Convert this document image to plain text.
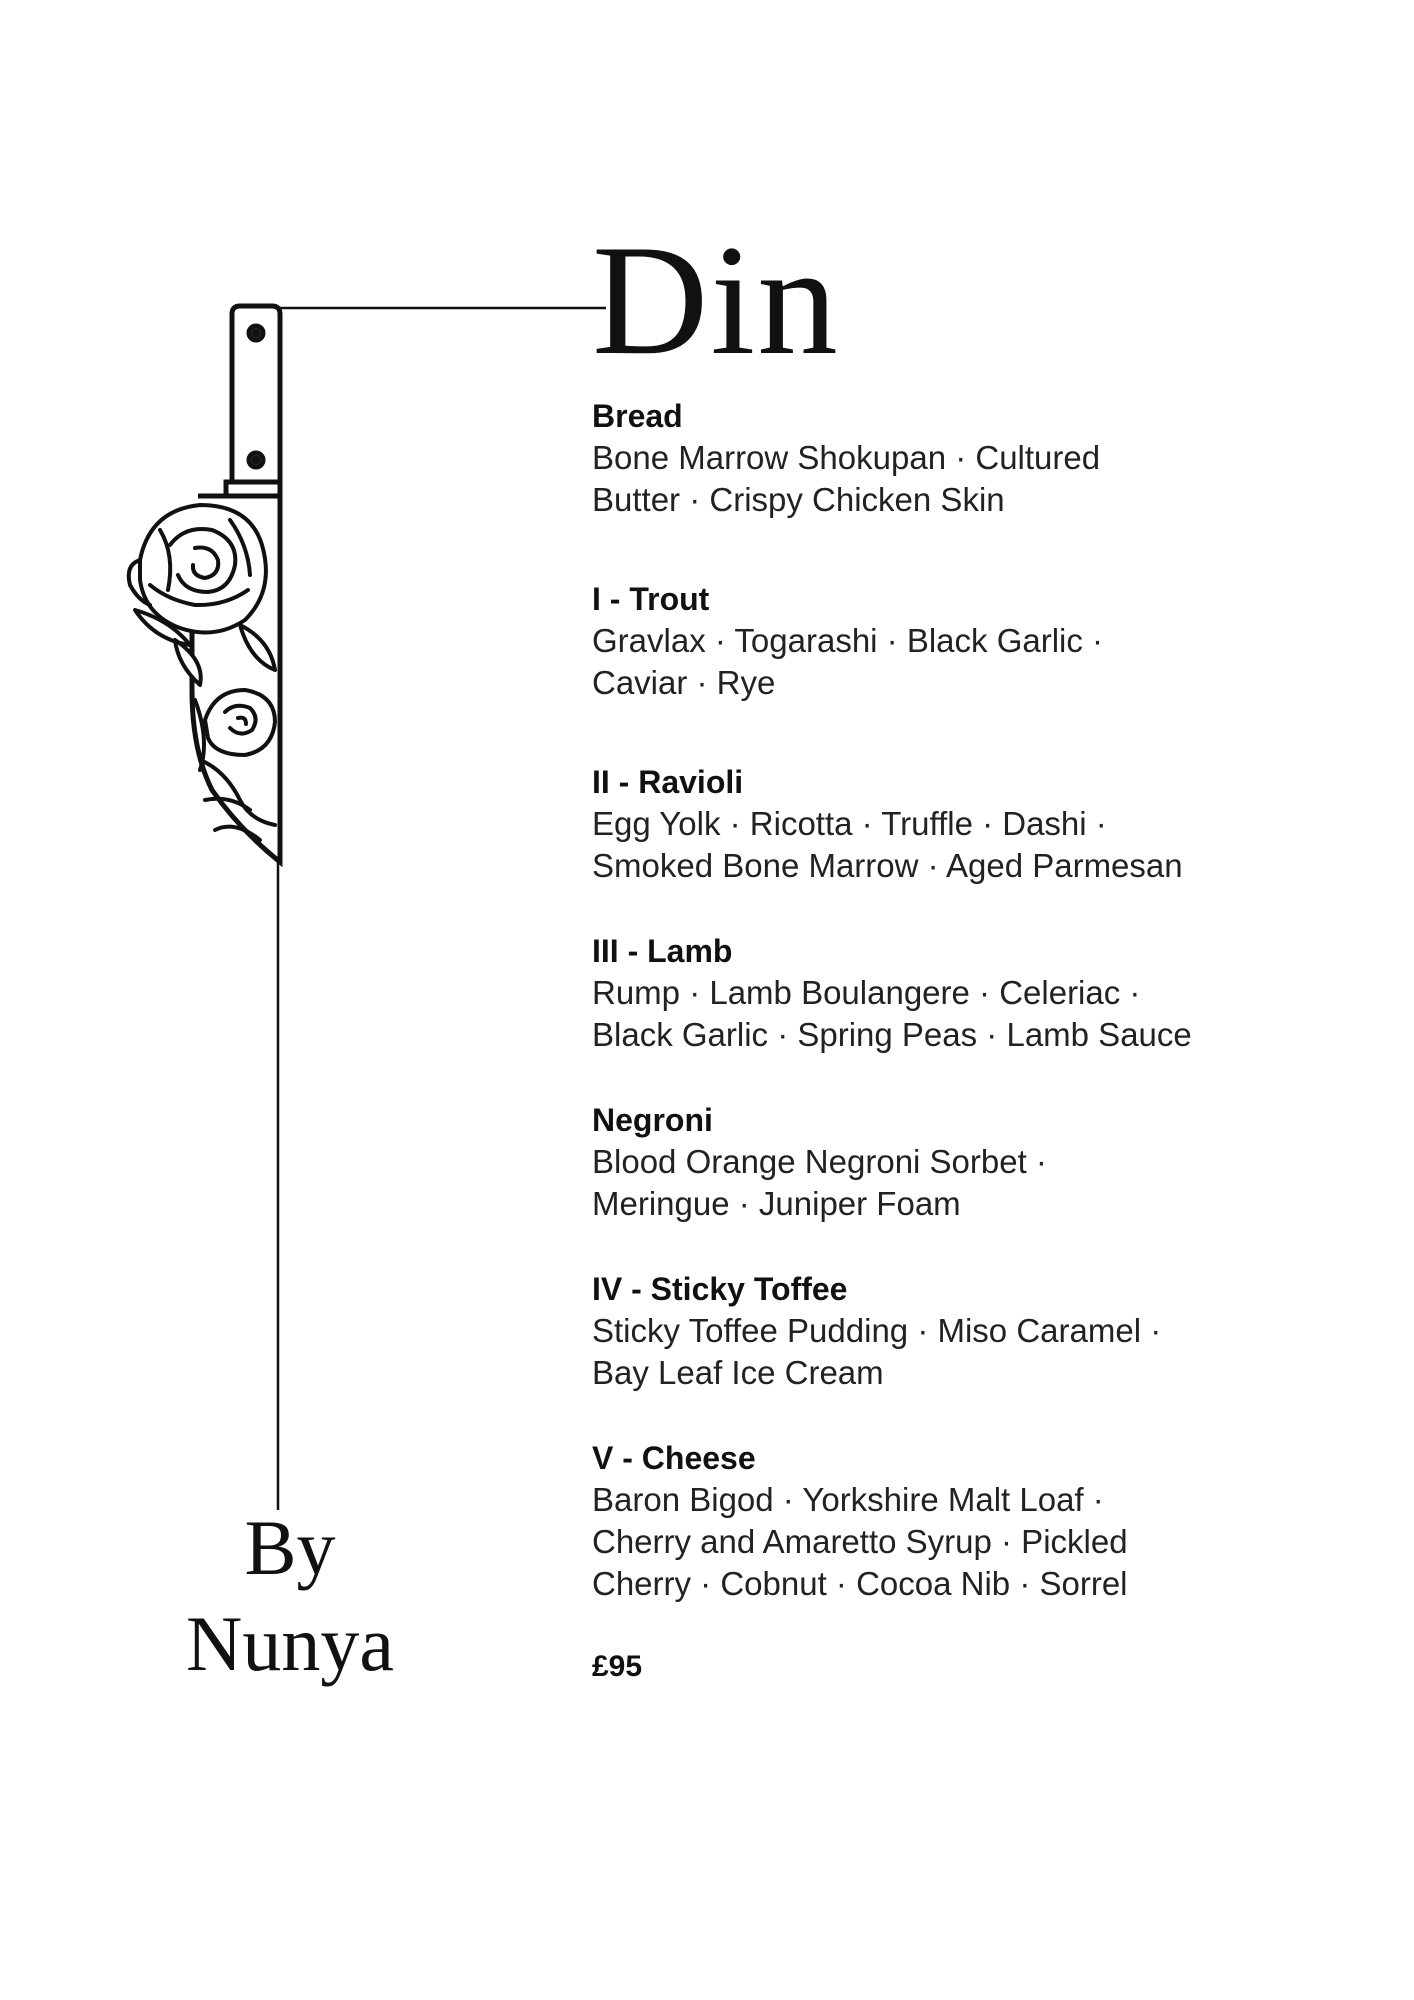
Din
Bread
Bone Marrow Shokupan · Cultured
Butter · Crispy Chicken Skin
I - Trout
Gravlax · Togarashi · Black Garlic ·
Caviar · Rye
II - Ravioli
Egg Yolk · Ricotta · Truffle · Dashi ·
Smoked Bone Marrow · Aged Parmesan
III - Lamb
Rump · Lamb Boulangere · Celeriac ·
Black Garlic · Spring Peas · Lamb Sauce
Negroni
Blood Orange Negroni Sorbet ·
Meringue · Juniper Foam
IV - Sticky Toffee
Sticky Toffee Pudding · Miso Caramel ·
Bay Leaf Ice Cream
V - Cheese
Baron Bigod · Yorkshire Malt Loaf ·
Cherry and Amaretto Syrup · Pickled
Cherry · Cobnut · Cocoa Nib · Sorrel
£95
By
Nunya
